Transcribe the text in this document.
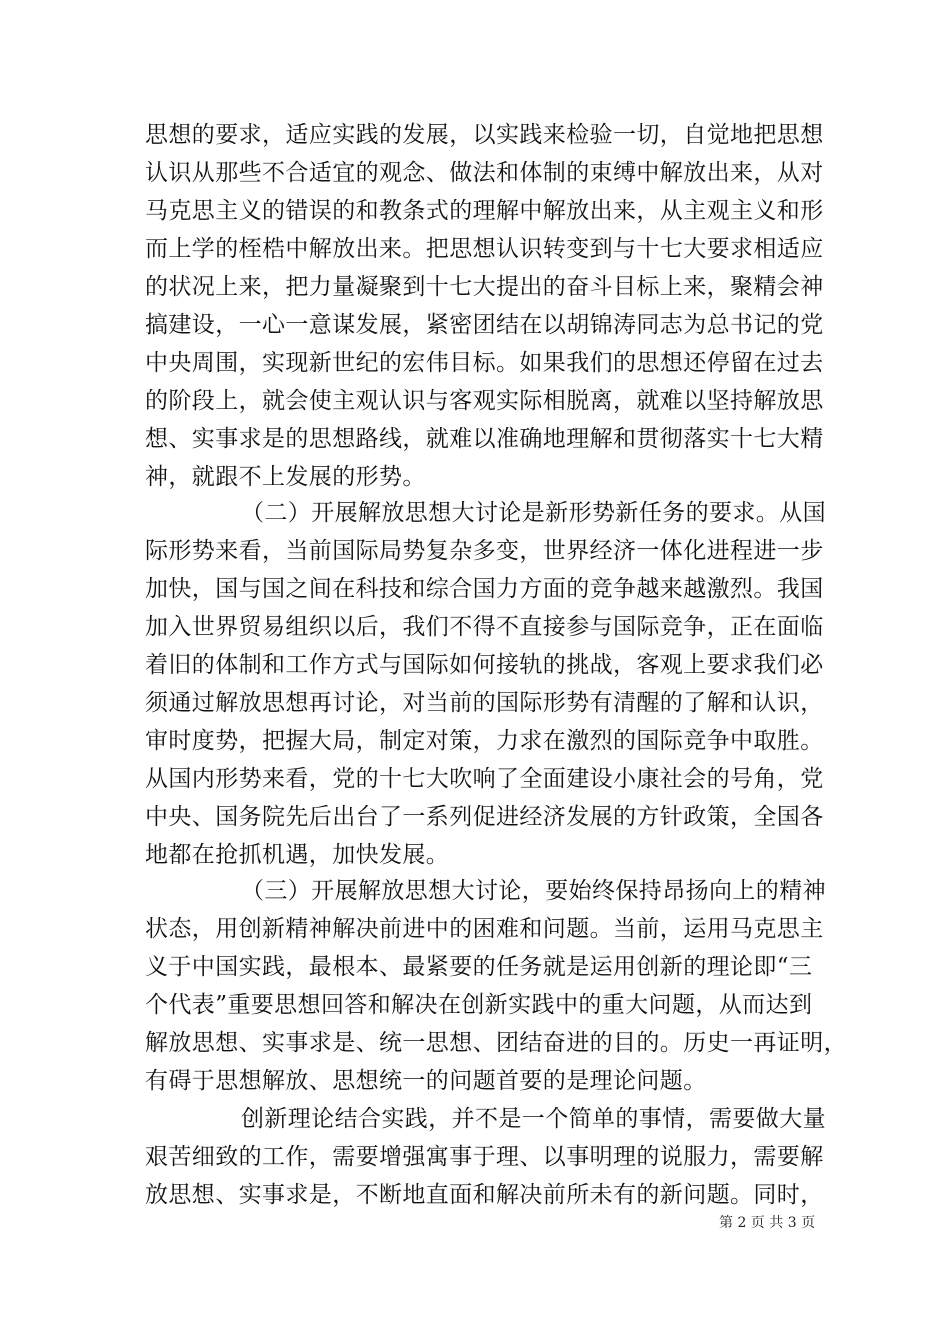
思想的要求，适应实践的发展，以实践来检验一切，自觉地把思想
认识从那些不合适宜的观念、做法和体制的束缚中解放出来，从对
马克思主义的错误的和教条式的理解中解放出来，从主观主义和形
而上学的桎梏中解放出来。把思想认识转变到与十七大要求相适应
的状况上来，把力量凝聚到十七大提出的奋斗目标上来，聚精会神
搞建设，一心一意谋发展，紧密团结在以胡锦涛同志为总书记的党
中央周围，实现新世纪的宏伟目标。如果我们的思想还停留在过去
的阶段上，就会使主观认识与客观实际相脱离，就难以坚持解放思
想、实事求是的思想路线，就难以准确地理解和贯彻落实十七大精
神，就跟不上发展的形势。
（二）开展解放思想大讨论是新形势新任务的要求。从国
际形势来看，当前国际局势复杂多变，世界经济一体化进程进一步
加快，国与国之间在科技和综合国力方面的竞争越来越激烈。我国
加入世界贸易组织以后，我们不得不直接参与国际竞争，正在面临
着旧的体制和工作方式与国际如何接轨的挑战，客观上要求我们必
须通过解放思想再讨论，对当前的国际形势有清醒的了解和认识，
审时度势，把握大局，制定对策，力求在激烈的国际竞争中取胜。
从国内形势来看，党的十七大吹响了全面建设小康社会的号角，党
中央、国务院先后出台了一系列促进经济发展的方针政策，全国各
地都在抢抓机遇，加快发展。
（三）开展解放思想大讨论，要始终保持昂扬向上的精神
状态，用创新精神解决前进中的困难和问题。当前，运用马克思主
义于中国实践，最根本、最紧要的任务就是运用创新的理论即“三
个代表”重要思想回答和解决在创新实践中的重大问题，从而达到
解放思想、实事求是、统一思想、团结奋进的目的。历史一再证明，
有碍于思想解放、思想统一的问题首要的是理论问题。
创新理论结合实践，并不是一个简单的事情，需要做大量
艰苦细致的工作，需要增强寓事于理、以事明理的说服力，需要解
放思想、实事求是，不断地直面和解决前所未有的新问题。同时，
第 2 页 共 3 页
